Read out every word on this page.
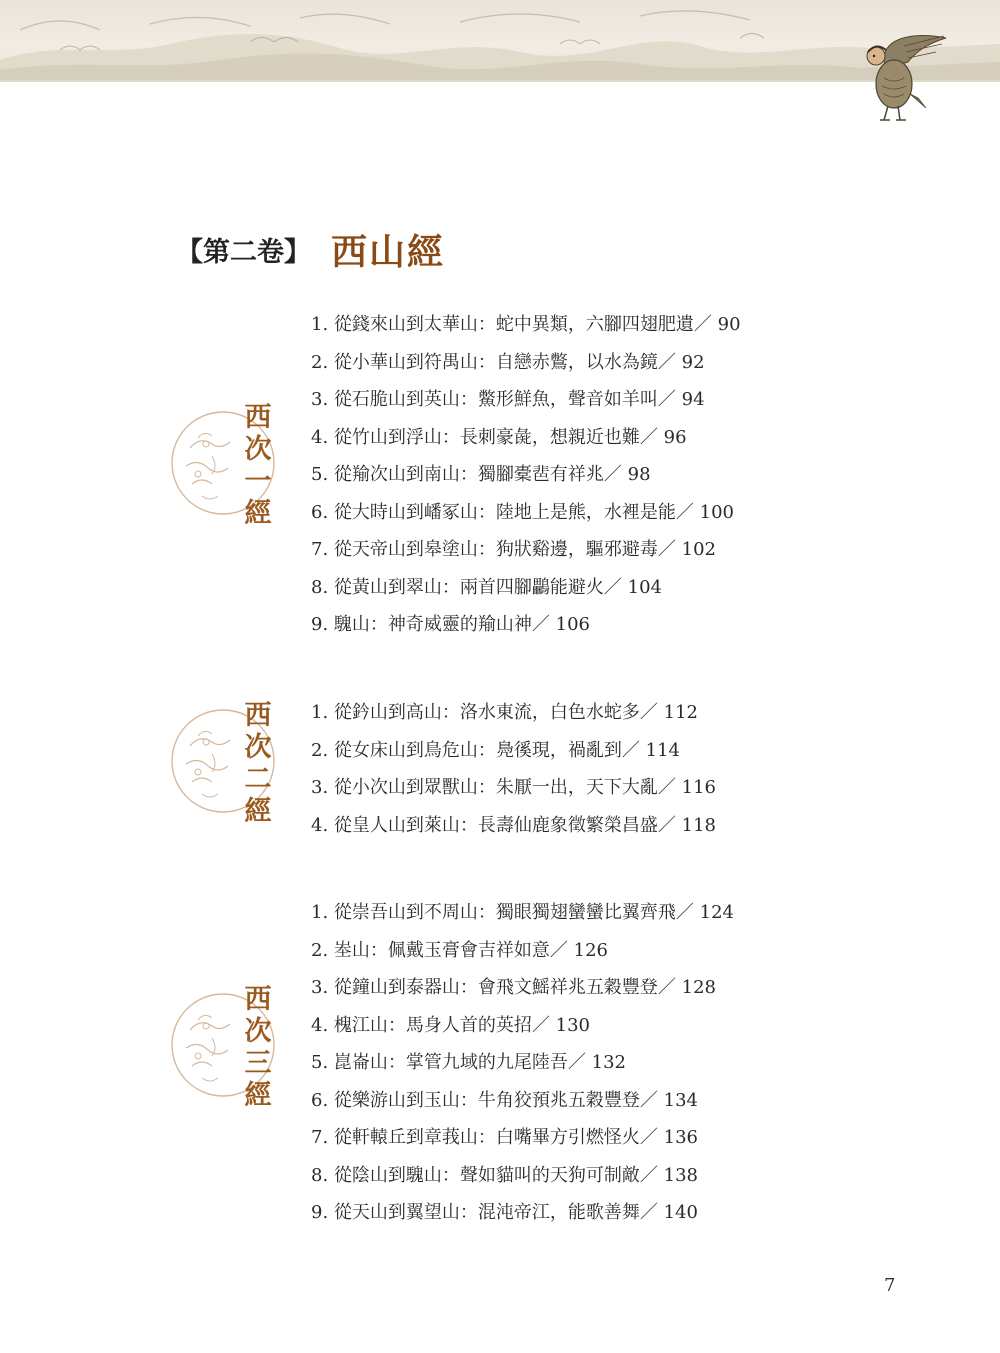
【第二卷】 西山經
西
次
一
經
1. 從錢來山到太華山：蛇中異類，六腳四翅肥遺／ 90
2. 從小華山到符禺山：自戀赤鷩，以水為鏡／ 92
3. 從石脆山到英山：鱉形鮮魚，聲音如羊叫／ 94
4. 從竹山到浮山：長刺豪彘，想親近也難／ 96
5. 從羭次山到南山：獨腳橐𩇯有祥兆／ 98
6. 從大時山到嶓冢山：陸地上是熊，水裡是能／ 100
7. 從天帝山到皋塗山：狗狀谿邊，驅邪避毒／ 102
8. 從黃山到翠山：兩首四腳鸓能避火／ 104
9. 騩山：神奇威靈的羭山神／ 106
西
次
二
經
1. 從鈐山到高山：洛水東流，白色水蛇多／ 112
2. 從女床山到鳥危山：鳧徯現，禍亂到／ 114
3. 從小次山到眾獸山：朱厭一出，天下大亂／ 116
4. 從皇人山到萊山：長壽仙鹿象徵繁榮昌盛／ 118
西
次
三
經
1. 從崇吾山到不周山：獨眼獨翅蠻蠻比翼齊飛／ 124
2. 峚山：佩戴玉膏會吉祥如意／ 126
3. 從鐘山到泰器山：會飛文鰩祥兆五穀豐登／ 128
4. 槐江山：馬身人首的英招／ 130
5. 崑崙山：掌管九域的九尾陸吾／ 132
6. 從樂游山到玉山：牛角狡預兆五穀豐登／ 134
7. 從軒轅丘到章莪山：白嘴畢方引燃怪火／ 136
8. 從陰山到騩山：聲如貓叫的天狗可制敵／ 138
9. 從天山到翼望山：混沌帝江，能歌善舞／ 140
7
